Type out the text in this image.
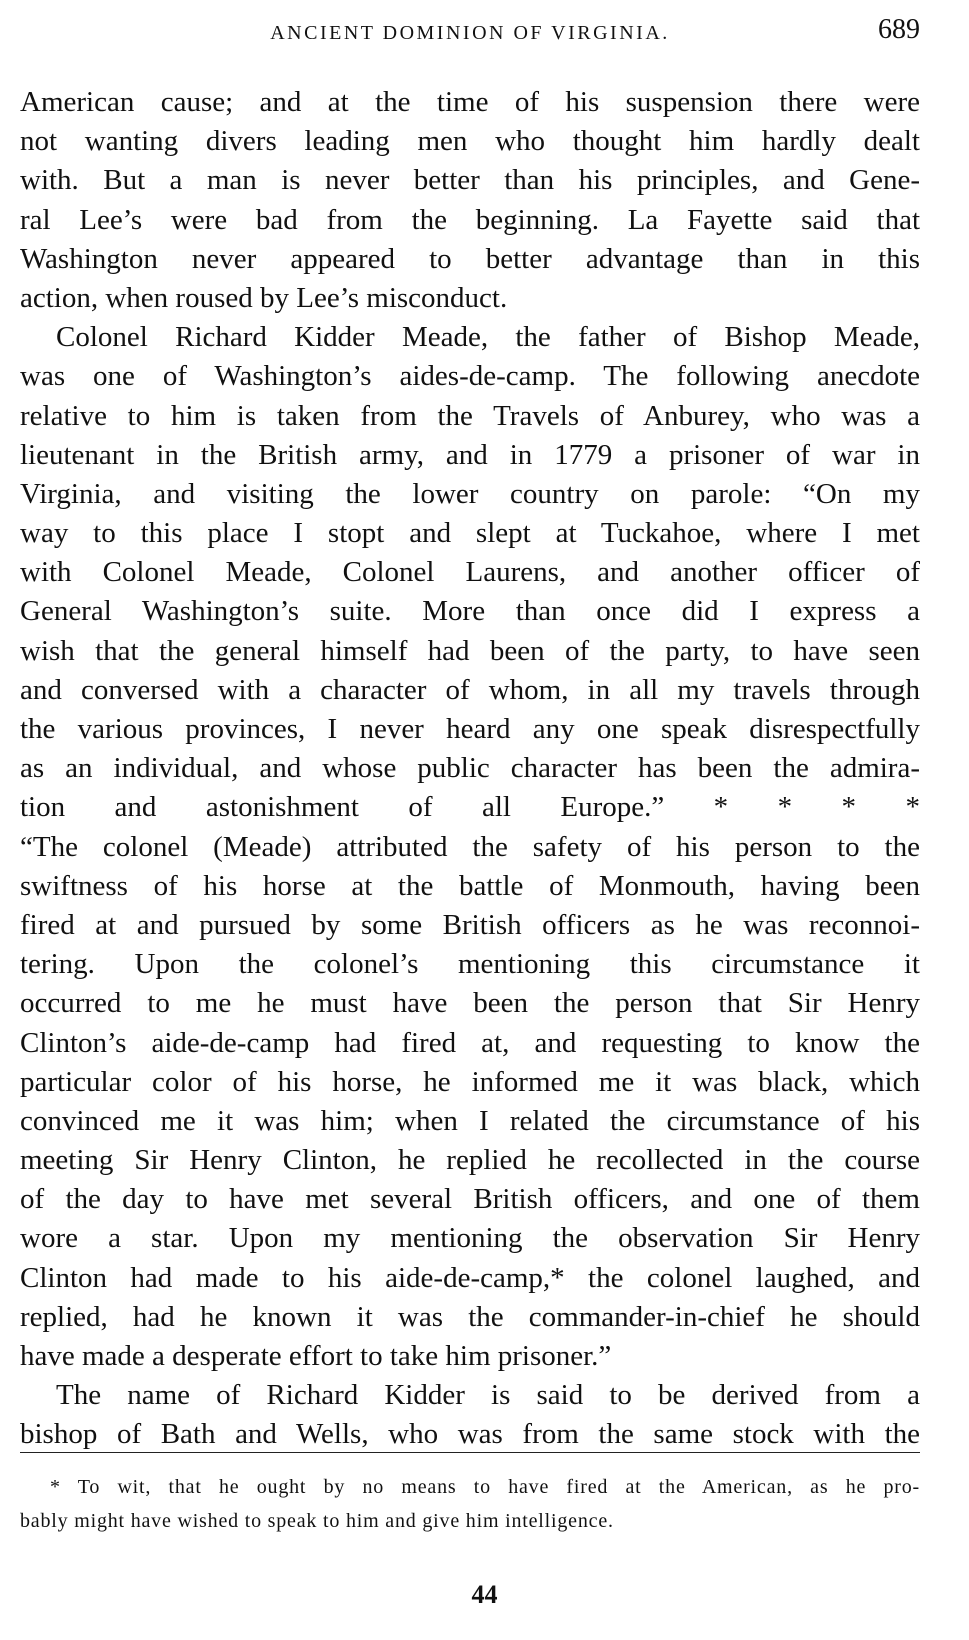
ANCIENT DOMINION OF VIRGINIA.	689
American cause; and at the time of his suspension there were
not wanting divers leading men who thought him hardly dealt
with. But a man is never better than his principles, and Gene-
ral Lee’s were bad from the beginning. La Fayette said that
Washington never appeared to better advantage than in this
action, when roused by Lee’s misconduct.
Colonel Richard Kidder Meade, the father of Bishop Meade,
was one of Washington’s aides-de-camp. The following anecdote
relative to him is taken from the Travels of Anburey, who was a
lieutenant in the British army, and in 1779 a prisoner of war in
Virginia, and visiting the lower country on parole: “On my
way to this place I stopt and slept at Tuckahoe, where I met
with Colonel Meade, Colonel Laurens, and another officer of
General Washington’s suite. More than once did I express a
wish that the general himself had been of the party, to have seen
and conversed with a character of whom, in all my travels through
the various provinces, I never heard any one speak disrespectfully
as an individual, and whose public character has been the admira-
tion and astonishment of all Europe.” * * * *
“The colonel (Meade) attributed the safety of his person to the
swiftness of his horse at the battle of Monmouth, having been
fired at and pursued by some British officers as he was reconnoi-
tering. Upon the colonel’s mentioning this circumstance it
occurred to me he must have been the person that Sir Henry
Clinton’s aide-de-camp had fired at, and requesting to know the
particular color of his horse, he informed me it was black, which
convinced me it was him; when I related the circumstance of his
meeting Sir Henry Clinton, he replied he recollected in the course
of the day to have met several British officers, and one of them
wore a star. Upon my mentioning the observation Sir Henry
Clinton had made to his aide-de-camp,* the colonel laughed, and
replied, had he known it was the commander-in-chief he should
have made a desperate effort to take him prisoner.”
The name of Richard Kidder is said to be derived from a
bishop of Bath and Wells, who was from the same stock with the
* To wit, that he ought by no means to have fired at the American, as he pro-
bably might have wished to speak to him and give him intelligence.
44
